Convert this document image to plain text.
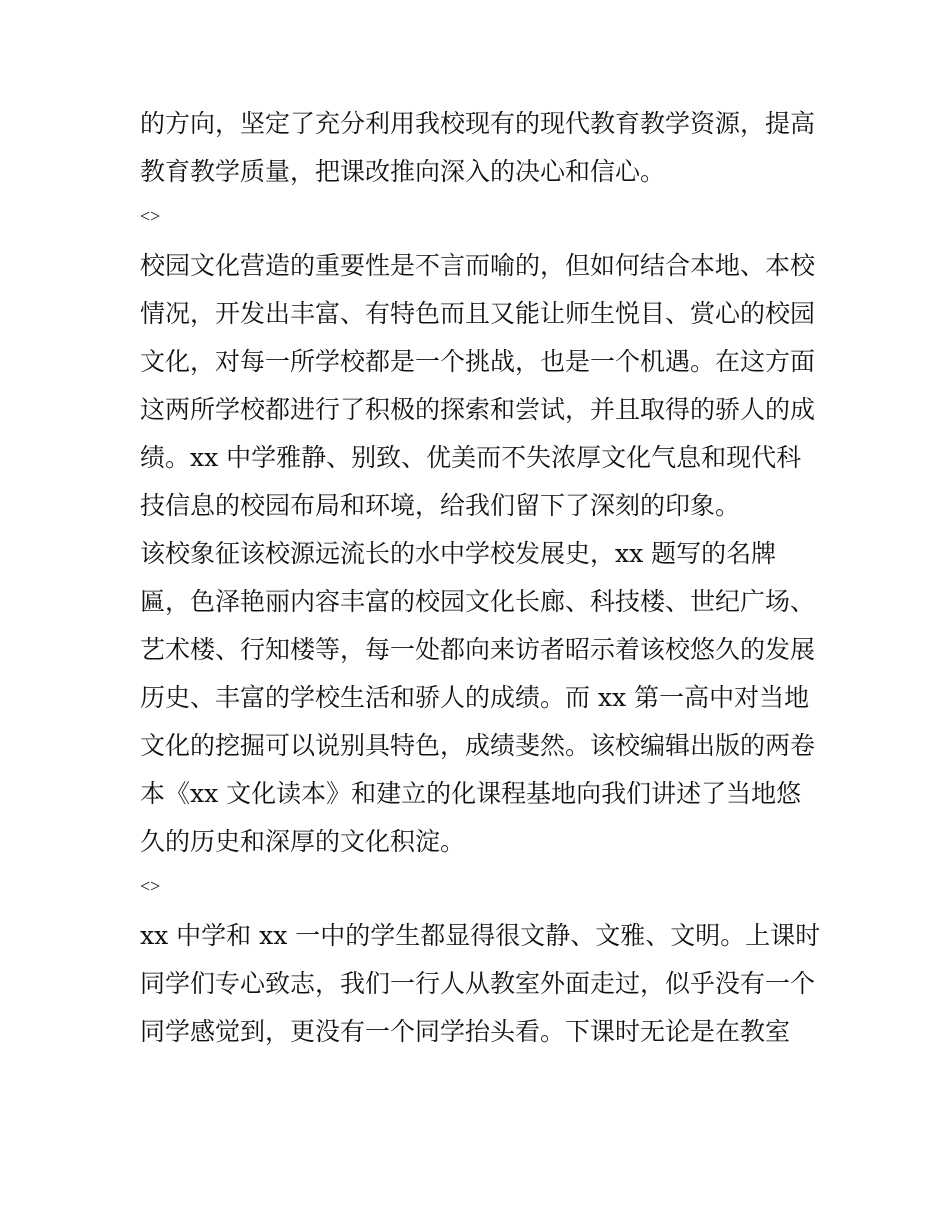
的方向，坚定了充分利用我校现有的现代教育教学资源，提高
教育教学质量，把课改推向深入的决心和信心。
<>
校园文化营造的重要性是不言而喻的，但如何结合本地、本校
情况，开发出丰富、有特色而且又能让师生悦目、赏心的校园
文化，对每一所学校都是一个挑战，也是一个机遇。在这方面
这两所学校都进行了积极的探索和尝试，并且取得的骄人的成
绩。xx 中学雅静、别致、优美而不失浓厚文化气息和现代科
技信息的校园布局和环境，给我们留下了深刻的印象。
该校象征该校源远流长的水中学校发展史，xx 题写的名牌
匾，色泽艳丽内容丰富的校园文化长廊、科技楼、世纪广场、
艺术楼、行知楼等，每一处都向来访者昭示着该校悠久的发展
历史、丰富的学校生活和骄人的成绩。而 xx 第一高中对当地
文化的挖掘可以说别具特色，成绩斐然。该校编辑出版的两卷
本《xx 文化读本》和建立的化课程基地向我们讲述了当地悠
久的历史和深厚的文化积淀。
<>
xx 中学和 xx 一中的学生都显得很文静、文雅、文明。上课时
同学们专心致志，我们一行人从教室外面走过，似乎没有一个
同学感觉到，更没有一个同学抬头看。下课时无论是在教室
